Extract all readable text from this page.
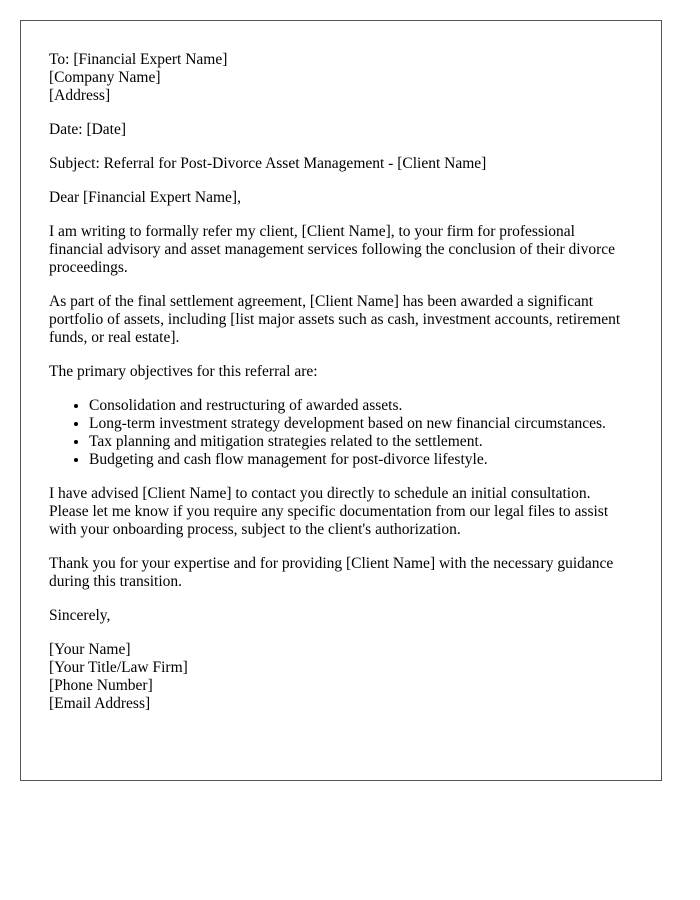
To: [Financial Expert Name]
[Company Name]
[Address]

Date: [Date]

Subject: Referral for Post-Divorce Asset Management - [Client Name]

Dear [Financial Expert Name],

I am writing to formally refer my client, [Client Name], to your firm for professional financial advisory and asset management services following the conclusion of their divorce proceedings.

As part of the final settlement agreement, [Client Name] has been awarded a significant portfolio of assets, including [list major assets such as cash, investment accounts, retirement funds, or real estate].

The primary objectives for this referral are:

• Consolidation and restructuring of awarded assets.
• Long-term investment strategy development based on new financial circumstances.
• Tax planning and mitigation strategies related to the settlement.
• Budgeting and cash flow management for post-divorce lifestyle.

I have advised [Client Name] to contact you directly to schedule an initial consultation. Please let me know if you require any specific documentation from our legal files to assist with your onboarding process, subject to the client's authorization.

Thank you for your expertise and for providing [Client Name] with the necessary guidance during this transition.

Sincerely,

[Your Name]
[Your Title/Law Firm]
[Phone Number]
[Email Address]
